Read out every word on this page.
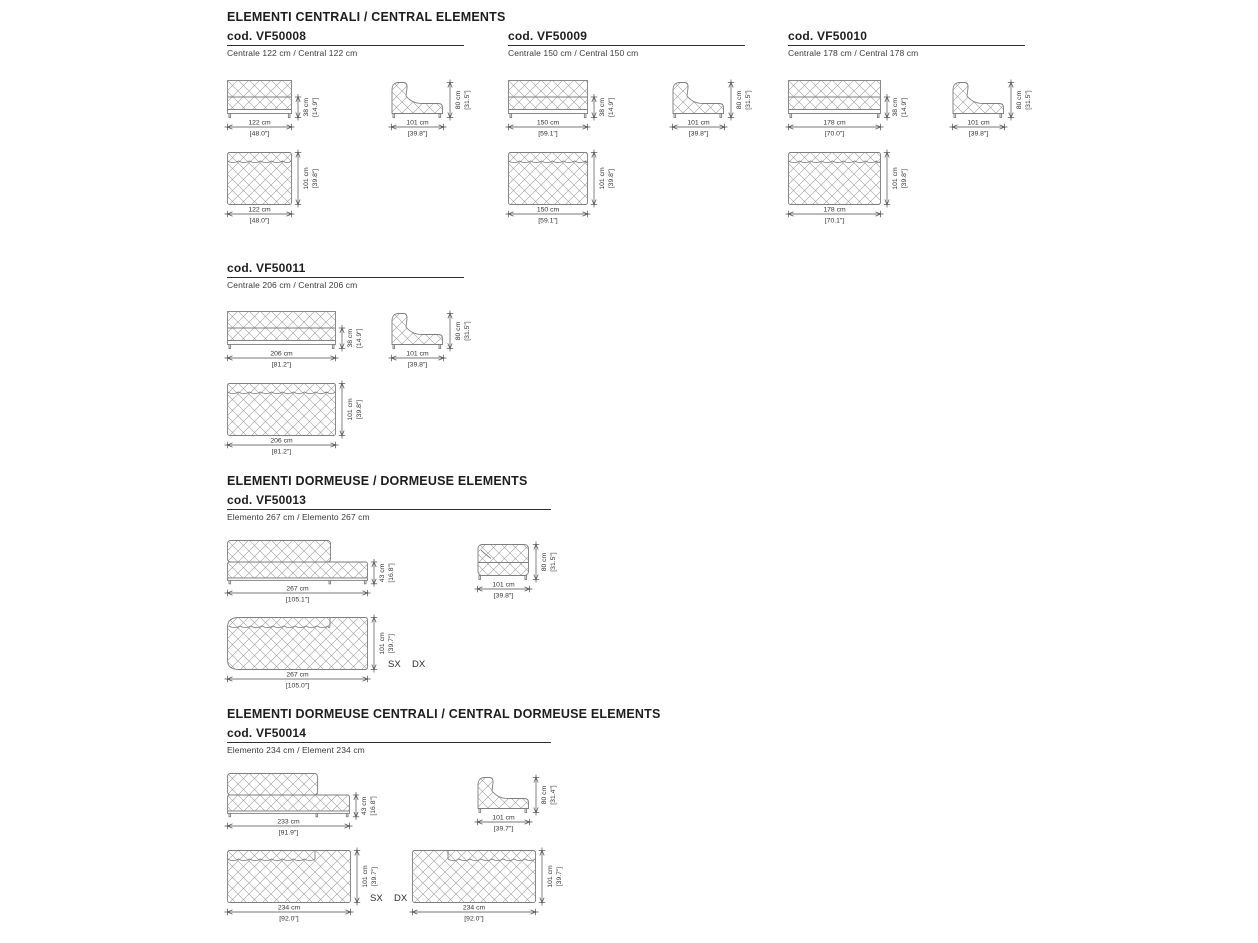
ELEMENTI CENTRALI / CENTRAL ELEMENTS
ELEMENTI DORMEUSE / DORMEUSE ELEMENTS
ELEMENTI DORMEUSE CENTRALI / CENTRAL DORMEUSE ELEMENTS
cod. VF50008
Centrale 122 cm / Central 122 cm
cod. VF50009
Centrale 150 cm / Central 150 cm
cod. VF50010
Centrale 178 cm / Central 178 cm
cod. VF50011
Centrale 206 cm / Central 206 cm
cod. VF50013
Elemento 267 cm / Elemento 267 cm
cod. VF50014
Elemento 234 cm / Element 234 cm
122 cm
[48.0"]
38 cm [14.9"]
101 cm
[39.8"]
80 cm [31.5"]
122 cm
[48.0"]
101 cm [39.8"]
150 cm
[59.1"]
38 cm [14.9"]
101 cm
[39.8"]
80 cm [31.5"]
150 cm
[59.1"]
101 cm [39.8"]
178 cm
[70.0"]
38 cm [14.9"]
101 cm
[39.8"]
80 cm [31.5"]
178 cm
[70.1"]
101 cm [39.8"]
206 cm
[81.2"]
38 cm [14.9"]
101 cm
[39.8"]
80 cm [31.5"]
206 cm
[81.2"]
101 cm [39.8"]
267 cm
[105.1"]
43 cm [16.8"]
101 cm
[39.8"]
80 cm [31.5"]
267 cm
[105.0"]
101 cm [39.7"]
233 cm
[91.9"]
43 cm [16.8"]
101 cm
[39.7"]
80 cm [31.4"]
234 cm
[92.0"]
101 cm [39.7"]
234 cm
[92.0"]
101 cm [39.7"]
SX DX
SX DX
